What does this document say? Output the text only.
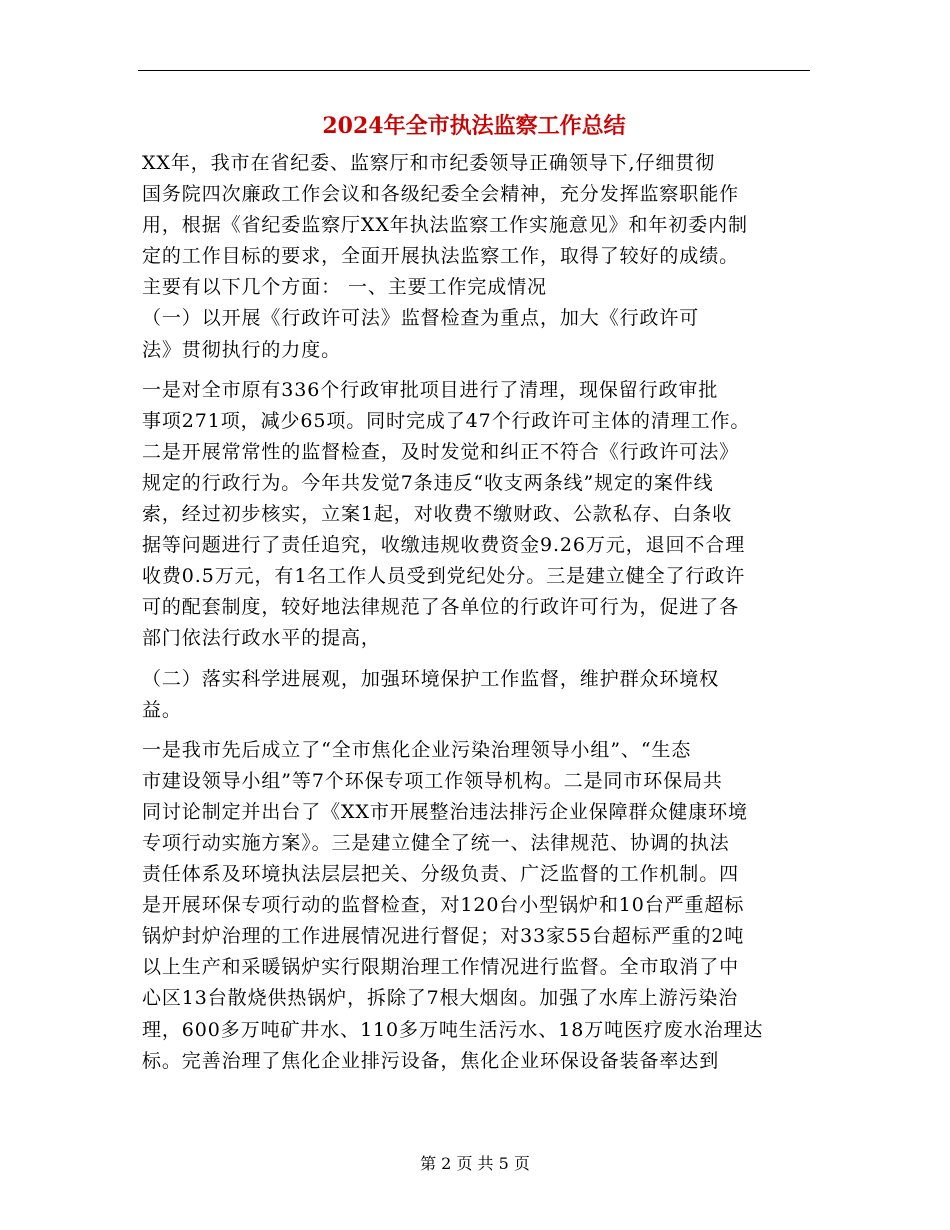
2024年全市执法监察工作总结
XX年，我市在省纪委、监察厅和市纪委领导正确领导下,仔细贯彻
国务院四次廉政工作会议和各级纪委全会精神，充分发挥监察职能作
用，根据《省纪委监察厅XX年执法监察工作实施意见》和年初委内制
定的工作目标的要求，全面开展执法监察工作，取得了较好的成绩。
主要有以下几个方面： 一、主要工作完成情况
（一）以开展《行政许可法》监督检查为重点，加大《行政许可
法》贯彻执行的力度。
一是对全市原有336个行政审批项目进行了清理，现保留行政审批
事项271项，减少65项。同时完成了47个行政许可主体的清理工作。
二是开展常常性的监督检查，及时发觉和纠正不符合《行政许可法》
规定的行政行为。今年共发觉7条违反“收支两条线”规定的案件线
索，经过初步核实，立案1起，对收费不缴财政、公款私存、白条收
据等问题进行了责任追究，收缴违规收费资金9.26万元，退回不合理
收费0.5万元，有1名工作人员受到党纪处分。三是建立健全了行政许
可的配套制度，较好地法律规范了各单位的行政许可行为，促进了各
部门依法行政水平的提高，
（二）落实科学进展观，加强环境保护工作监督，维护群众环境权
益。
一是我市先后成立了“全市焦化企业污染治理领导小组”、“生态
市建设领导小组”等7个环保专项工作领导机构。二是同市环保局共
同讨论制定并出台了《XX市开展整治违法排污企业保障群众健康环境
专项行动实施方案》。三是建立健全了统一、法律规范、协调的执法
责任体系及环境执法层层把关、分级负责、广泛监督的工作机制。四
是开展环保专项行动的监督检查，对120台小型锅炉和10台严重超标
锅炉封炉治理的工作进展情况进行督促；对33家55台超标严重的2吨
以上生产和采暖锅炉实行限期治理工作情况进行监督。全市取消了中
心区13台散烧供热锅炉，拆除了7根大烟囱。加强了水库上游污染治
理，600多万吨矿井水、110多万吨生活污水、18万吨医疗废水治理达
标。完善治理了焦化企业排污设备，焦化企业环保设备装备率达到
第 2 页 共 5 页
